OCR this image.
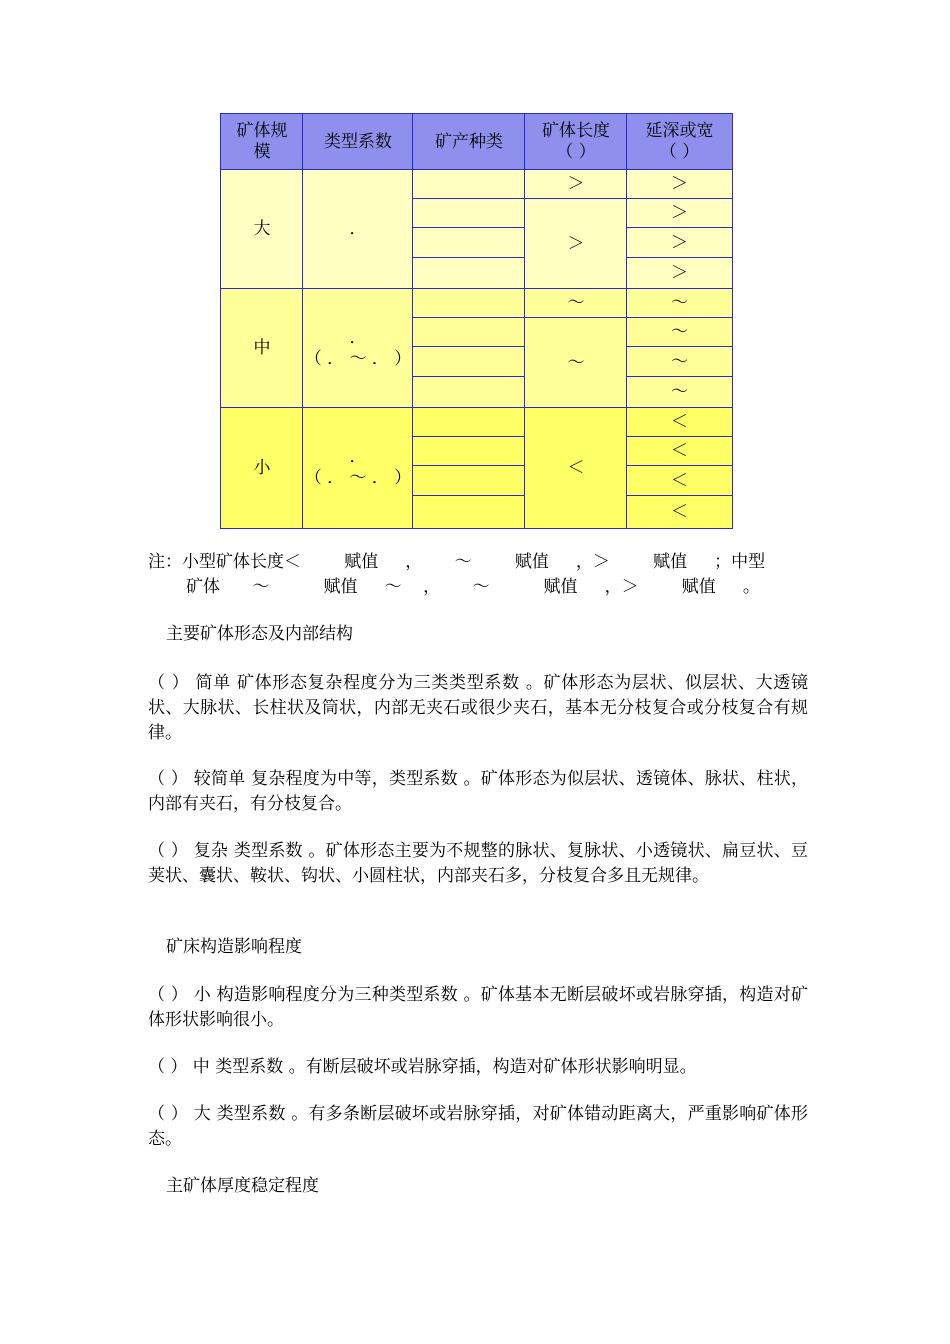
矿体规
模
类型系数	矿产种类
矿体长度
（ ）
延深或宽
（ ）
大	．
＞
＞
＞
＞
＞
＞
中
．
（ ． ～ ． ）
～
～
～
～
～
～
小
．
（ ． ～ ． ）
＜
＜
＜
＜
＜
注：小型矿体长度＜        赋值     ，      ～        赋值     ，＞        赋值     ；中型
矿体      ～          赋值     ～    ，      ～          赋值     ，＞        赋值     。
主要矿体形态及内部结构
（ ） 简单 矿体形态复杂程度分为三类类型系数 。矿体形态为层状、似层状、大透镜状、大脉状、长柱状及筒状，内部无夹石或很少夹石，基本无分枝复合或分枝复合有规律。
（ ） 较简单 复杂程度为中等，类型系数 。矿体形态为似层状、透镜体、脉状、柱状，内部有夹石，有分枝复合。
（ ） 复杂 类型系数 。矿体形态主要为不规整的脉状、复脉状、小透镜状、扁豆状、豆荚状、囊状、鞍状、钩状、小圆柱状，内部夹石多，分枝复合多且无规律。
矿床构造影响程度
（ ） 小 构造影响程度分为三种类型系数 。矿体基本无断层破坏或岩脉穿插，构造对矿体形状影响很小。
（ ） 中 类型系数 。有断层破坏或岩脉穿插，构造对矿体形状影响明显。
（ ） 大 类型系数 。有多条断层破坏或岩脉穿插，对矿体错动距离大，严重影响矿体形态。
主矿体厚度稳定程度
